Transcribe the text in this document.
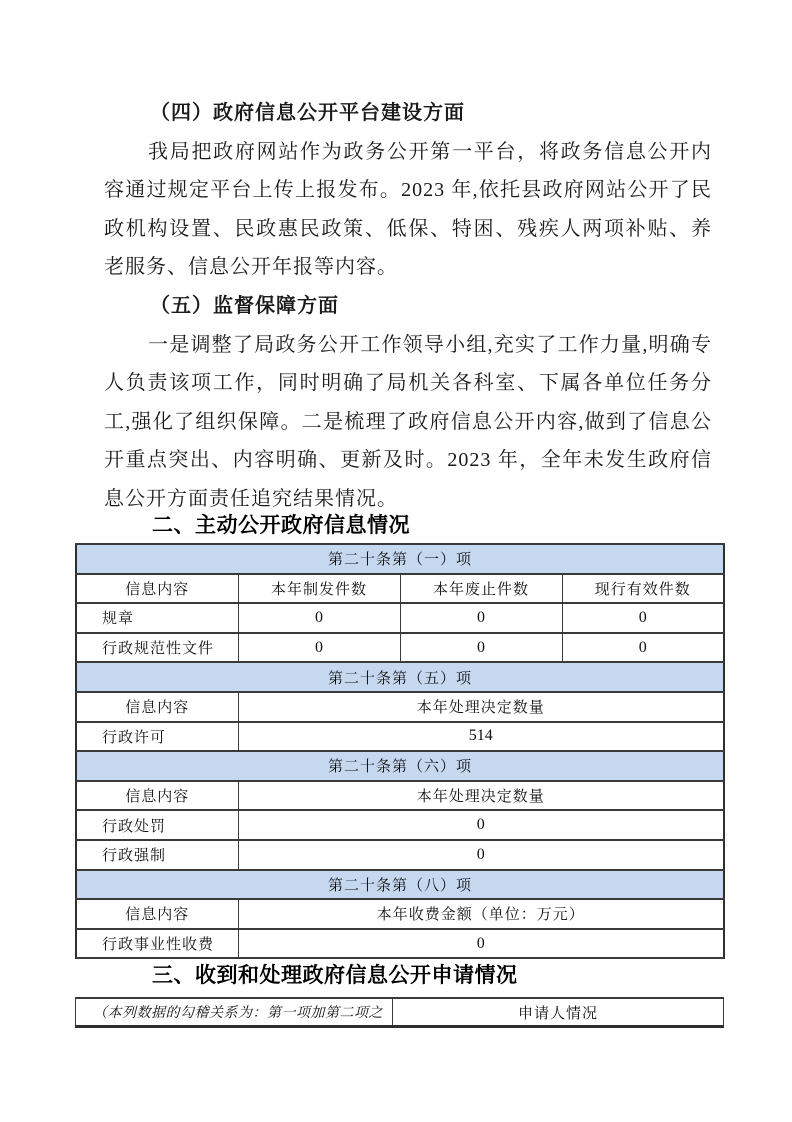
（四）政府信息公开平台建设方面

我局把政府网站作为政务公开第一平台，将政务信息公开内容通过规定平台上传上报发布。2023 年,依托县政府网站公开了民政机构设置、民政惠民政策、低保、特困、残疾人两项补贴、养老服务、信息公开年报等内容。

（五）监督保障方面

一是调整了局政务公开工作领导小组,充实了工作力量,明确专人负责该项工作，同时明确了局机关各科室、下属各单位任务分工,强化了组织保障。二是梳理了政府信息公开内容,做到了信息公开重点突出、内容明确、更新及时。2023 年，全年未发生政府信息公开方面责任追究结果情况。

二、主动公开政府信息情况
第二十条第（一）项			
信息内容	本年制发件数	本年废止件数	现行有效件数
规章	0	0	0
行政规范性文件	0	0	0
第二十条第（五）项			
信息内容	本年处理决定数量		
行政许可	514		
第二十条第（六）项			
信息内容	本年处理决定数量		
行政处罚	0		
行政强制	0		
第二十条第（八）项			
信息内容	本年收费金额（单位：万元）		
行政事业性收费	0		
三、收到和处理政府信息公开申请情况
（本列数据的勾稽关系为：第一项加第二项之	申请人情况
